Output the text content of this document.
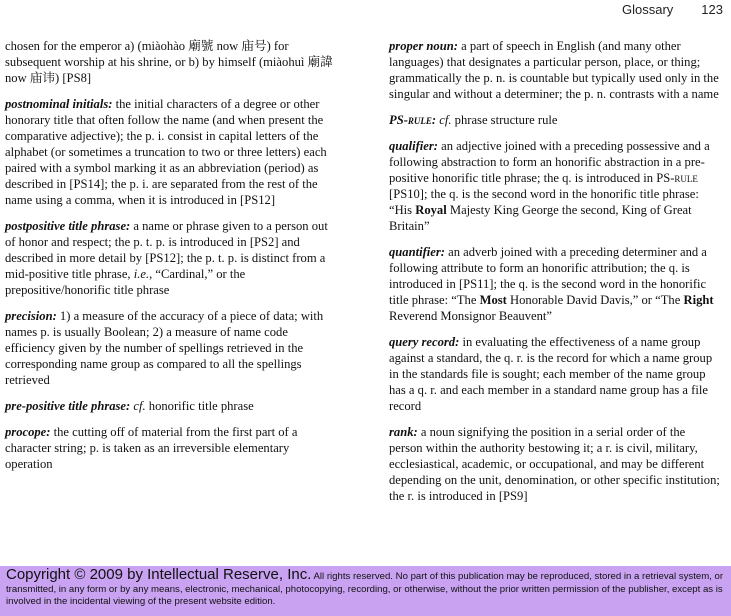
Glossary 123

chosen for the emperor a) (miàohào 廟號 now 庙号) for subsequent worship at his shrine, or b) by himself (miàohuì 廟諱 now 庙讳) [PS8]

postnominal initials: the initial characters of a degree or other honorary title that often follow the name (and when present the comparative adjective); the p. i. consist in capital letters of the alphabet (or sometimes a truncation to two or three letters) each paired with a symbol marking it as an abbreviation (period) as described in [PS14]; the p. i. are separated from the rest of the name using a comma, when it is introduced in [PS12]

postpositive title phrase: a name or phrase given to a person out of honor and respect; the p. t. p. is introduced in [PS2] and described in more detail by [PS12]; the p. t. p. is distinct from a mid-positive title phrase, i.e., “Cardinal,” or the prepositive/honorific title phrase

precision: 1) a measure of the accuracy of a piece of data; with names p. is usually Boolean; 2) a measure of name code efficiency given by the number of spellings retrieved in the corresponding name group as compared to all the spellings retrieved

pre-positive title phrase: cf. honorific title phrase

procope: the cutting off of material from the first part of a character string; p. is taken as an irreversible elementary operation

proper noun: a part of speech in English (and many other languages) that designates a particular person, place, or thing; grammatically the p. n. is countable but typically used only in the singular and without a determiner; the p. n. contrasts with a name

PS-rule: cf. phrase structure rule

qualifier: an adjective joined with a preceding possessive and a following abstraction to form an honorific abstraction in a pre-positive honorific title phrase; the q. is introduced in PS-rule [PS10]; the q. is the second word in the honorific title phrase: “His Royal Majesty King George the second, King of Great Britain”

quantifier: an adverb joined with a preceding determiner and a following attribute to form an honorific attribution; the q. is introduced in [PS11]; the q. is the second word in the honorific title phrase: “The Most Honorable David Davis,” or “The Right Reverend Monsignor Beauvent”

query record: in evaluating the effectiveness of a name group against a standard, the q. r. is the record for which a name group in the standards file is sought; each member of the name group has a q. r. and each member in a standard name group has a file record

rank: a noun signifying the position in a serial order of the person within the authority bestowing it; a r. is civil, military, ecclesiastical, academic, or occupational, and may be different depending on the unit, denomination, or other specific institution; the r. is introduced in [PS9]

Copyright © 2009 by Intellectual Reserve, Inc. All rights reserved. No part of this publication may be reproduced, stored in a retrieval system, or transmitted, in any form or by any means, electronic, mechanical, photocopying, recording, or otherwise, without the prior written permission of the publisher, except as is involved in the incidental viewing of the present website edition.
